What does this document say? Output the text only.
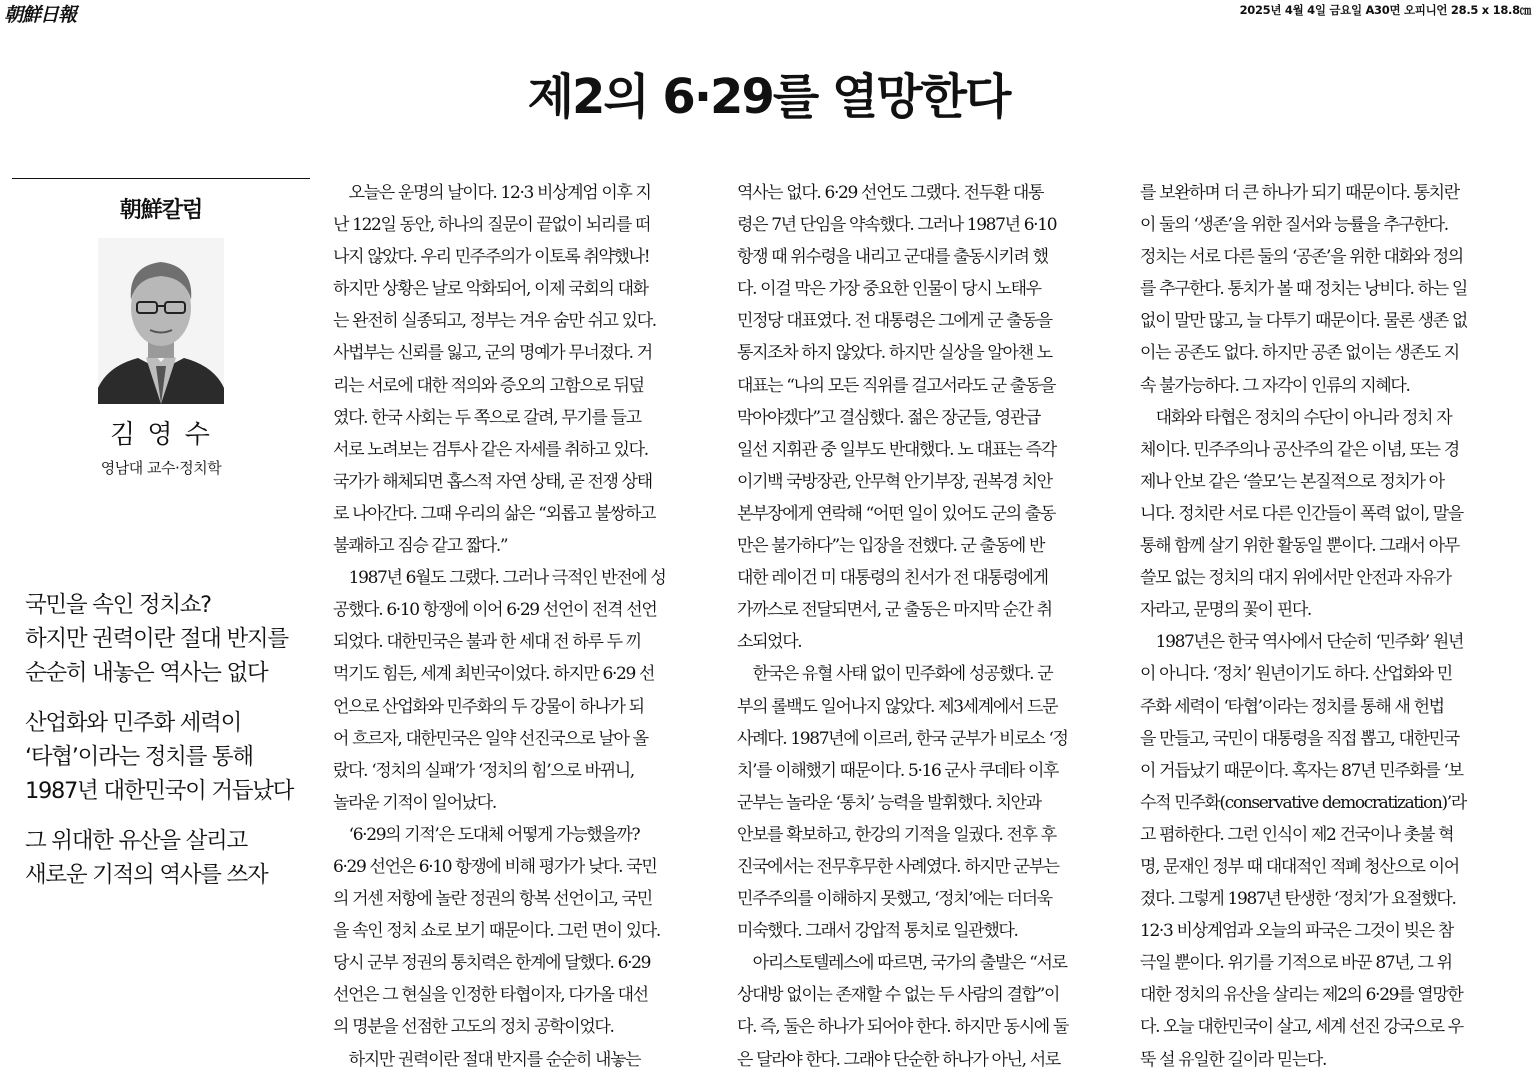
朝鮮日報	2025년 4월 4일 금요일 A30면 오피니언 28.5 x 18.8㎝
제2의 6·29를 열망한다
朝鮮칼럼
김 영 수
영남대 교수·정치학
국민을 속인 정치쇼?
하지만 권력이란 절대 반지를
순순히 내놓은 역사는 없다
산업화와 민주화 세력이
‘타협’이라는 정치를 통해
1987년 대한민국이 거듭났다
그 위대한 유산을 살리고
새로운 기적의 역사를 쓰자
　오늘은 운명의 날이다. 12·3 비상계엄 이후 지
난 122일 동안, 하나의 질문이 끝없이 뇌리를 떠
나지 않았다. 우리 민주주의가 이토록 취약했나!
하지만 상황은 날로 악화되어, 이제 국회의 대화
는 완전히 실종되고, 정부는 겨우 숨만 쉬고 있다.
사법부는 신뢰를 잃고, 군의 명예가 무너졌다. 거
리는 서로에 대한 적의와 증오의 고함으로 뒤덮
였다. 한국 사회는 두 쪽으로 갈려, 무기를 들고
서로 노려보는 검투사 같은 자세를 취하고 있다.
국가가 해체되면 홉스적 자연 상태, 곧 전쟁 상태
로 나아간다. 그때 우리의 삶은 “외롭고 불쌍하고
불쾌하고 짐승 같고 짧다.”
　1987년 6월도 그랬다. 그러나 극적인 반전에 성
공했다. 6·10 항쟁에 이어 6·29 선언이 전격 선언
되었다. 대한민국은 불과 한 세대 전 하루 두 끼
먹기도 힘든, 세계 최빈국이었다. 하지만 6·29 선
언으로 산업화와 민주화의 두 강물이 하나가 되
어 흐르자, 대한민국은 일약 선진국으로 날아 올
랐다. ‘정치의 실패’가 ‘정치의 힘’으로 바뀌니,
놀라운 기적이 일어났다.
　‘6·29의 기적’은 도대체 어떻게 가능했을까?
6·29 선언은 6·10 항쟁에 비해 평가가 낮다. 국민
의 거센 저항에 놀란 정권의 항복 선언이고, 국민
을 속인 정치 쇼로 보기 때문이다. 그런 면이 있다.
당시 군부 정권의 통치력은 한계에 달했다. 6·29
선언은 그 현실을 인정한 타협이자, 다가올 대선
의 명분을 선점한 고도의 정치 공학이었다.
　하지만 권력이란 절대 반지를 순순히 내놓는
역사는 없다. 6·29 선언도 그랬다. 전두환 대통
령은 7년 단임을 약속했다. 그러나 1987년 6·10
항쟁 때 위수령을 내리고 군대를 출동시키려 했
다. 이걸 막은 가장 중요한 인물이 당시 노태우
민정당 대표였다. 전 대통령은 그에게 군 출동을
통지조차 하지 않았다. 하지만 실상을 알아챈 노
대표는 “나의 모든 직위를 걸고서라도 군 출동을
막아야겠다”고 결심했다. 젊은 장군들, 영관급
일선 지휘관 중 일부도 반대했다. 노 대표는 즉각
이기백 국방장관, 안무혁 안기부장, 권복경 치안
본부장에게 연락해 “어떤 일이 있어도 군의 출동
만은 불가하다”는 입장을 전했다. 군 출동에 반
대한 레이건 미 대통령의 친서가 전 대통령에게
가까스로 전달되면서, 군 출동은 마지막 순간 취
소되었다.
　한국은 유혈 사태 없이 민주화에 성공했다. 군
부의 롤백도 일어나지 않았다. 제3세계에서 드문
사례다. 1987년에 이르러, 한국 군부가 비로소 ‘정
치’를 이해했기 때문이다. 5·16 군사 쿠데타 이후
군부는 놀라운 ‘통치’ 능력을 발휘했다. 치안과
안보를 확보하고, 한강의 기적을 일궜다. 전후 후
진국에서는 전무후무한 사례였다. 하지만 군부는
민주주의를 이해하지 못했고, ‘정치’에는 더더욱
미숙했다. 그래서 강압적 통치로 일관했다.
　아리스토텔레스에 따르면, 국가의 출발은 “서로
상대방 없이는 존재할 수 없는 두 사람의 결합”이
다. 즉, 둘은 하나가 되어야 한다. 하지만 동시에 둘
은 달라야 한다. 그래야 단순한 하나가 아닌, 서로
를 보완하며 더 큰 하나가 되기 때문이다. 통치란
이 둘의 ‘생존’을 위한 질서와 능률을 추구한다.
정치는 서로 다른 둘의 ‘공존’을 위한 대화와 정의
를 추구한다. 통치가 볼 때 정치는 낭비다. 하는 일
없이 말만 많고, 늘 다투기 때문이다. 물론 생존 없
이는 공존도 없다. 하지만 공존 없이는 생존도 지
속 불가능하다. 그 자각이 인류의 지혜다.
　대화와 타협은 정치의 수단이 아니라 정치 자
체이다. 민주주의나 공산주의 같은 이념, 또는 경
제나 안보 같은 ‘쓸모’는 본질적으로 정치가 아
니다. 정치란 서로 다른 인간들이 폭력 없이, 말을
통해 함께 살기 위한 활동일 뿐이다. 그래서 아무
쓸모 없는 정치의 대지 위에서만 안전과 자유가
자라고, 문명의 꽃이 핀다.
　1987년은 한국 역사에서 단순히 ‘민주화’ 원년
이 아니다. ‘정치’ 원년이기도 하다. 산업화와 민
주화 세력이 ‘타협’이라는 정치를 통해 새 헌법
을 만들고, 국민이 대통령을 직접 뽑고, 대한민국
이 거듭났기 때문이다. 혹자는 87년 민주화를 ‘보
수적 민주화(conservative democratization)’라
고 폄하한다. 그런 인식이 제2 건국이나 촛불 혁
명, 문재인 정부 때 대대적인 적폐 청산으로 이어
졌다. 그렇게 1987년 탄생한 ‘정치’가 요절했다.
12·3 비상계엄과 오늘의 파국은 그것이 빚은 참
극일 뿐이다. 위기를 기적으로 바꾼 87년, 그 위
대한 정치의 유산을 살리는 제2의 6·29를 열망한
다. 오늘 대한민국이 살고, 세계 선진 강국으로 우
뚝 설 유일한 길이라 믿는다.
